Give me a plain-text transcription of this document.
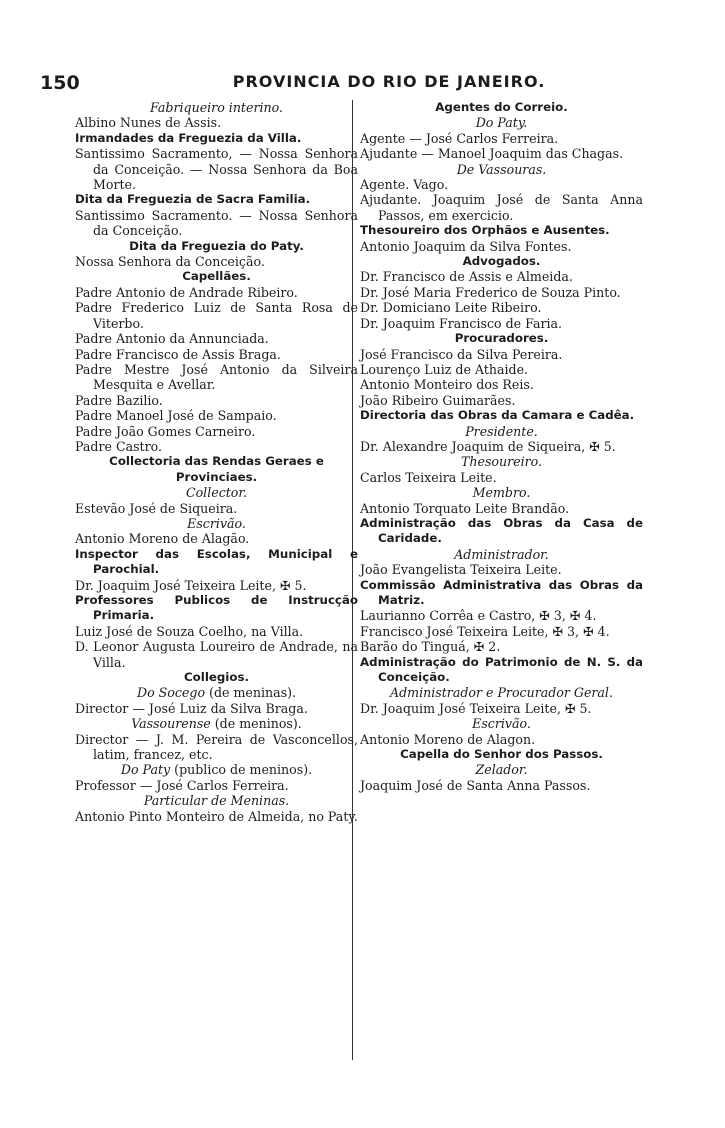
150	PROVINCIA DO RIO DE JANEIRO.

Fabriqueiro interino.

Albino Nunes de Assis.

Irmandades da Freguezia da Villa.

Santissimo Sacramento, — Nossa Senhora da Conceição. — Nossa Senhora da Boa Morte.

Dita da Freguezia de Sacra Familia.

Santissimo Sacramento. — Nossa Senhora da Conceição.

Dita da Freguezia do Paty.

Nossa Senhora da Conceição.

Capellães.

Padre Antonio de Andrade Ribeiro.

Padre Frederico Luiz de Santa Rosa de Viterbo.

Padre Antonio da Annunciada.

Padre Francisco de Assis Braga.

Padre Mestre José Antonio da Silveira Mesquita e Avellar.

Padre Bazilio.

Padre Manoel José de Sampaio.

Padre João Gomes Carneiro.

Padre Castro.

Collectoria das Rendas Geraes e Provinciaes.

Collector.

Estevão José de Siqueira.

Escrivão.

Antonio Moreno de Alagão.

Inspector das Escolas, Municipal e Parochial.

Dr. Joaquim José Teixeira Leite, ✠ 5.

Professores Publicos de Instrucção Primaria.

Luiz José de Souza Coelho, na Villa.

D. Leonor Augusta Loureiro de Andrade, na Villa.

Collegios.

Do Socego (de meninas).

Director — José Luiz da Silva Braga.

Vassourense (de meninos).

Director — J. M. Pereira de Vasconcellos, latim, francez, etc.

Do Paty (publico de meninos).

Professor — José Carlos Ferreira.

Particular de Meninas.

Antonio Pinto Monteiro de Almeida, no Paty.

Agentes do Correio.

Do Paty.

Agente — José Carlos Ferreira.

Ajudante — Manoel Joaquim das Chagas.

De Vassouras.

Agente. Vago.

Ajudante. Joaquim José de Santa Anna Passos, em exercicio.

Thesoureiro dos Orphãos e Ausentes.

Antonio Joaquim da Silva Fontes.

Advogados.

Dr. Francisco de Assis e Almeida.

Dr. José Maria Frederico de Souza Pinto.

Dr. Domiciano Leite Ribeiro.

Dr. Joaquim Francisco de Faria.

Procuradores.

José Francisco da Silva Pereira.

Lourenço Luiz de Athaide.

Antonio Monteiro dos Reis.

João Ribeiro Guimarães.

Directoria das Obras da Camara e Cadêa.

Presidente.

Dr. Alexandre Joaquim de Siqueira, ✠ 5.

Thesoureiro.

Carlos Teixeira Leite.

Membro.

Antonio Torquato Leite Brandão.

Administração das Obras da Casa de Caridade.

Administrador.

João Evangelista Teixeira Leite.

Commissão Administrativa das Obras da Matriz.

Laurianno Corrêa e Castro, ✠ 3, ✠ 4.

Francisco José Teixeira Leite, ✠ 3, ✠ 4.

Barão do Tinguá, ✠ 2.

Administração do Patrimonio de N. S. da Conceição.

Administrador e Procurador Geral.

Dr. Joaquim José Teixeira Leite, ✠ 5.

Escrivão.

Antonio Moreno de Alagon.

Capella do Senhor dos Passos.

Zelador.

Joaquim José de Santa Anna Passos.
